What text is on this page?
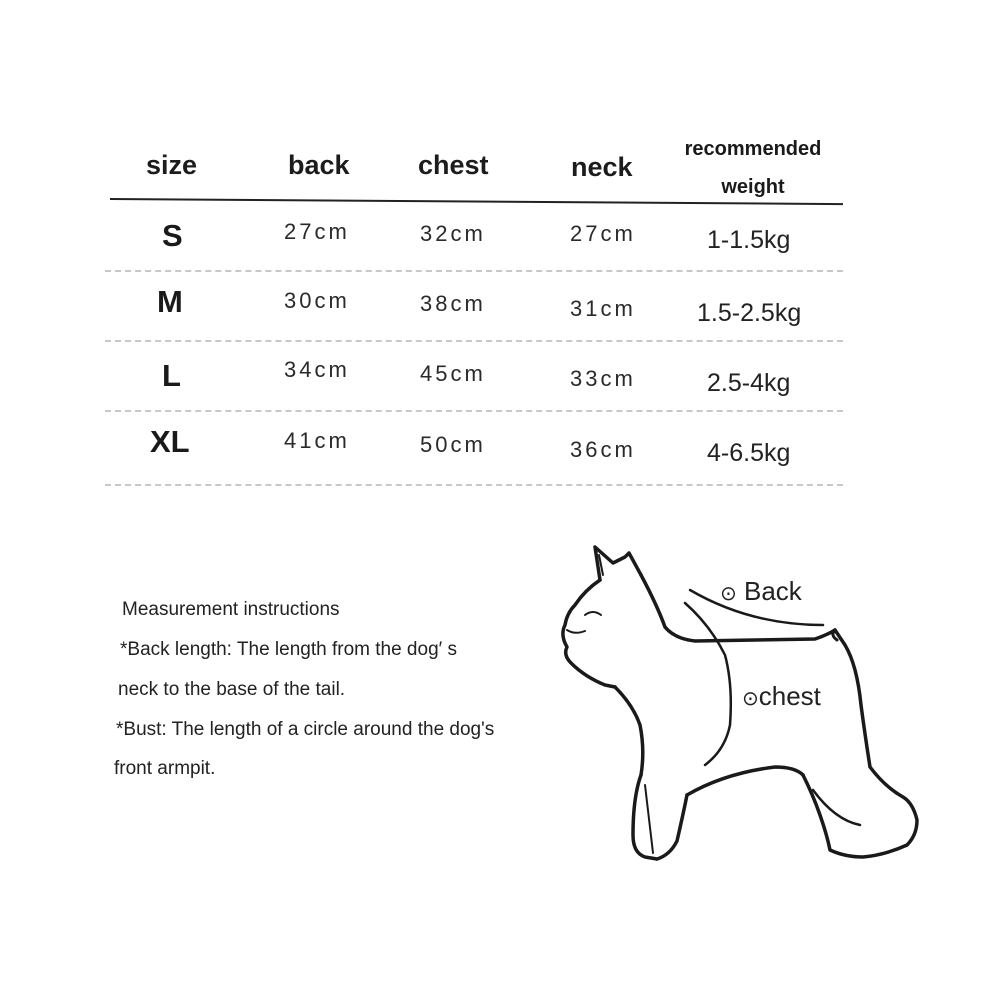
size	back	chest	neck
recommended
weight
S	27cm	32cm	27cm	1-1.5kg
M	30cm	38cm	31cm 1.5-2.5kg
L	34cm	45cm	33cm	2.5-4kg
XL	41cm	50cm	36cm	4-6.5kg
Measurement instructions
*Back length: The length from the dog′ s
neck to the base of the tail.
*Bust: The length of a circle around the dog's
front armpit.
⊙ Back
⊙chest
